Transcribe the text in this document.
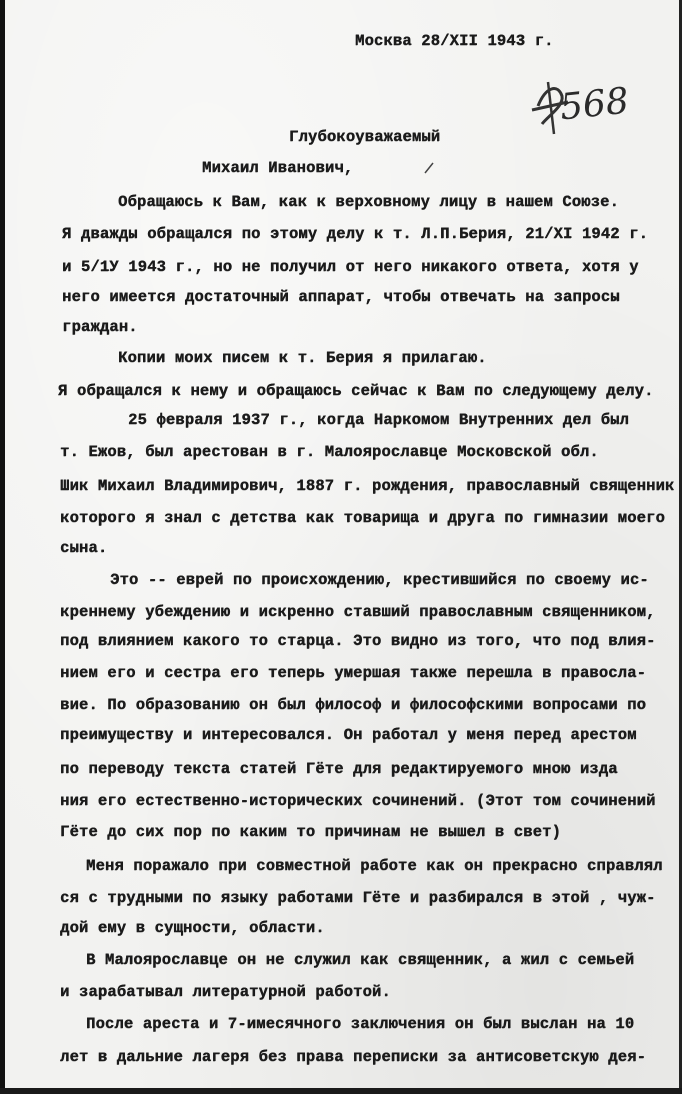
Москва 28/XII 1943 г.
568
Глубокоуважаемый
Михаил Иванович,
Обращаюсь к Вам, как к верховному лицу в нашем Союзе.
Я дважды обращался по этому делу к т. Л.П.Берия, 21/XI 1942 г.
и 5/1У 1943 г., но не получил от него никакого ответа, хотя у
него имеется достаточный аппарат, чтобы отвечать на запросы
граждан.
Копии моих писем к т. Берия я прилагаю.
Я обращался к нему и обращаюсь сейчас к Вам по следующему делу.
25 февраля 1937 г., когда Наркомом Внутренних дел был
т. Ежов, был арестован в г. Малоярославце Московской обл.
Шик Михаил Владимирович, 1887 г. рождения, православный священник
которого я знал с детства как товарища и друга по гимназии моего
сына.
Это -- еврей по происхождению, крестившийся по своему ис-
креннему убеждению и искренно ставший православным священником,
под влиянием какого то старца. Это видно из того, что под влия-
нием его и сестра его теперь умершая также перешла в правосла-
вие. По образованию он был философ и философскими вопросами по
преимуществу и интересовался. Он работал у меня перед арестом
по переводу текста статей Гёте для редактируемого мною изда
ния его естественно-исторических сочинений. (Этот том сочинений
Гёте до сих пор по каким то причинам не вышел в свет)
Меня поражало при совместной работе как он прекрасно справлял
ся с трудными по языку работами Гёте и разбирался в этой , чуж-
дой ему в сущности, области.
В Малоярославце он не служил как священник, а жил с семьей
и зарабатывал литературной работой.
После ареста и 7-имесячного заключения он был выслан на 10
лет в дальние лагеря без права переписки за антисоветскую дея-
